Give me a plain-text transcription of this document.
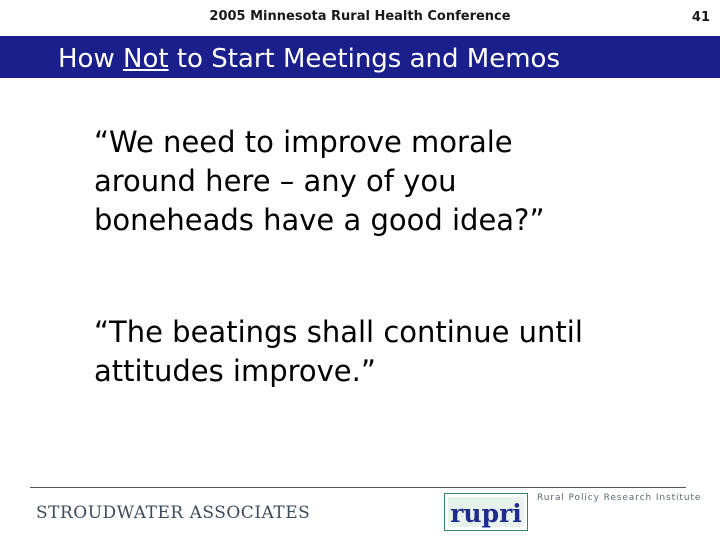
2005 Minnesota Rural Health Conference	41
How Not to Start Meetings and Memos
“We need to improve morale
around here – any of you
boneheads have a good idea?”
“The beatings shall continue until
attitudes improve.”
STROUDWATER ASSOCIATES	rupri
Rural Policy Research Institute
